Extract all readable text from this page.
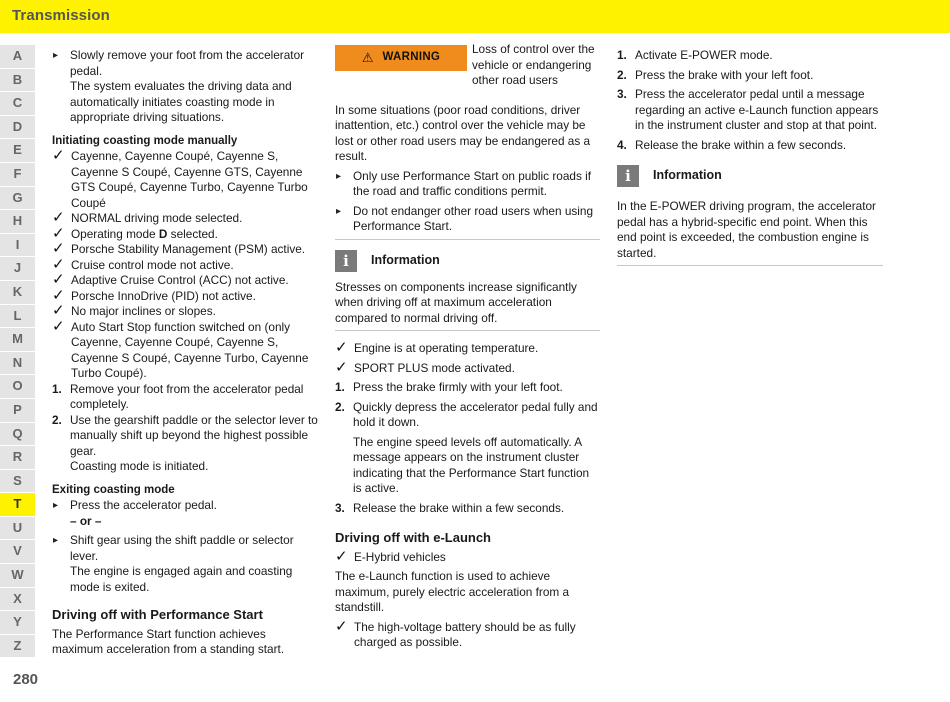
Transmission
A
B
C
D
E
F
G
H
I
J
K
L
M
N
O
P
Q
R
S
T
U
V
W
X
Y
Z
280

▸ Slowly remove your foot from the accelerator pedal.

The system evaluates the driving data and automatically initiates coasting mode in appropriate driving situations.

Initiating coasting mode manually

✓ Cayenne, Cayenne Coupé, Cayenne S, Cayenne S Coupé, Cayenne GTS, Cayenne GTS Coupé, Cayenne Turbo, Cayenne Turbo Coupé

✓ NORMAL driving mode selected.

✓ Operating mode D selected.

✓ Porsche Stability Management (PSM) active.

✓ Cruise control mode not active.

✓ Adaptive Cruise Control (ACC) not active.

✓ Porsche InnoDrive (PID) not active.

✓ No major inclines or slopes.

✓ Auto Start Stop function switched on (only Cayenne, Cayenne Coupé, Cayenne S, Cayenne S Coupé, Cayenne Turbo, Cayenne Turbo Coupé).

1. Remove your foot from the accelerator pedal completely.

2. Use the gearshift paddle or the selector lever to manually shift up beyond the highest possible gear.

Coasting mode is initiated.

Exiting coasting mode

▸ Press the accelerator pedal.

– or –

▸ Shift gear using the shift paddle or selector lever.

The engine is engaged again and coasting mode is exited.

Driving off with Performance Start

The Performance Start function achieves maximum acceleration from a standing start.

⚠ WARNING

Loss of control over the vehicle or endangering other road users

In some situations (poor road conditions, driver inattention, etc.) control over the vehicle may be lost or other road users may be endangered as a result.

▸ Only use Performance Start on public roads if the road and traffic conditions permit.

▸ Do not endanger other road users when using Performance Start.

i	Information

Stresses on components increase significantly when driving off at maximum acceleration compared to normal driving off.

✓ Engine is at operating temperature.

✓ SPORT PLUS mode activated.

1. Press the brake firmly with your left foot.

2. Quickly depress the accelerator pedal fully and hold it down.

The engine speed levels off automatically. A message appears on the instrument cluster indicating that the Performance Start function is active.

3. Release the brake within a few seconds.

Driving off with e-Launch

✓ E-Hybrid vehicles

The e-Launch function is used to achieve maximum, purely electric acceleration from a standstill.

✓ The high-voltage battery should be as fully charged as possible.

1. Activate E-POWER mode.

2. Press the brake with your left foot.

3. Press the accelerator pedal until a message regarding an active e-Launch function appears in the instrument cluster and stop at that point.

4. Release the brake within a few seconds.

i	Information

In the E-POWER driving program, the accelerator pedal has a hybrid-specific end point. When this end point is exceeded, the combustion engine is started.
